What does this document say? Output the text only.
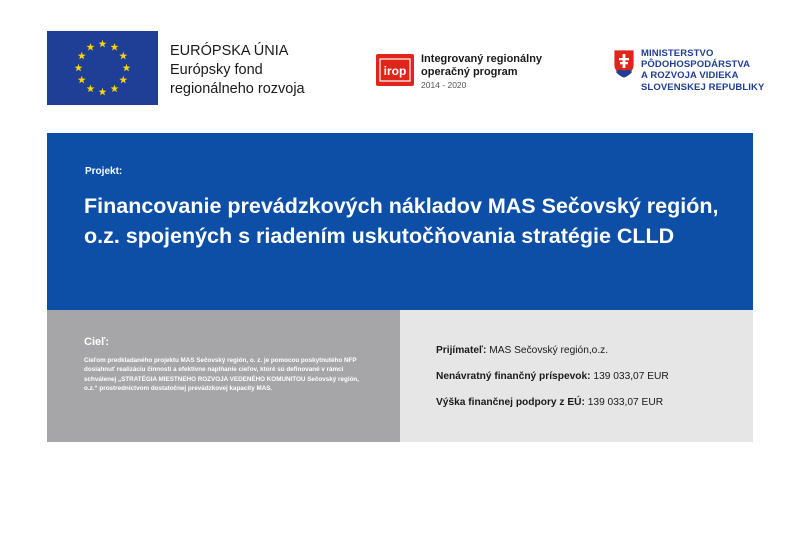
EURÓPSKA ÚNIA
Európsky fond
regionálneho rozvoja
irop
Integrovaný regionálny
operačný program
2014 - 2020
MINISTERSTVO
PÔDOHOSPODÁRSTVA
A ROZVOJA VIDIEKA
SLOVENSKEJ REPUBLIKY
Projekt:
Financovanie prevádzkových nákladov MAS Sečovský región, o.z. spojených s riadením uskutočňovania stratégie CLLD
Cieľ:
Cieľom predkladaného projektu MAS Sečovský región, o. z. je pomocou poskytnutého NFP dosiahnuť realizáciu činností a efektívne naplňanie cieľov, ktoré sú definované v rámci schválenej „STRATÉGIA MIESTNEHO ROZVOJA VEDENÉHO KOMUNITOU Sečovský región, o.z.“ prostredníctvom dostatočnej prevádzkovej kapacity MAS.
Prijímateľ: MAS Sečovský región,o.z.
Nenávratný finančný príspevok: 139 033,07 EUR
Výška finančnej podpory z EÚ: 139 033,07 EUR
